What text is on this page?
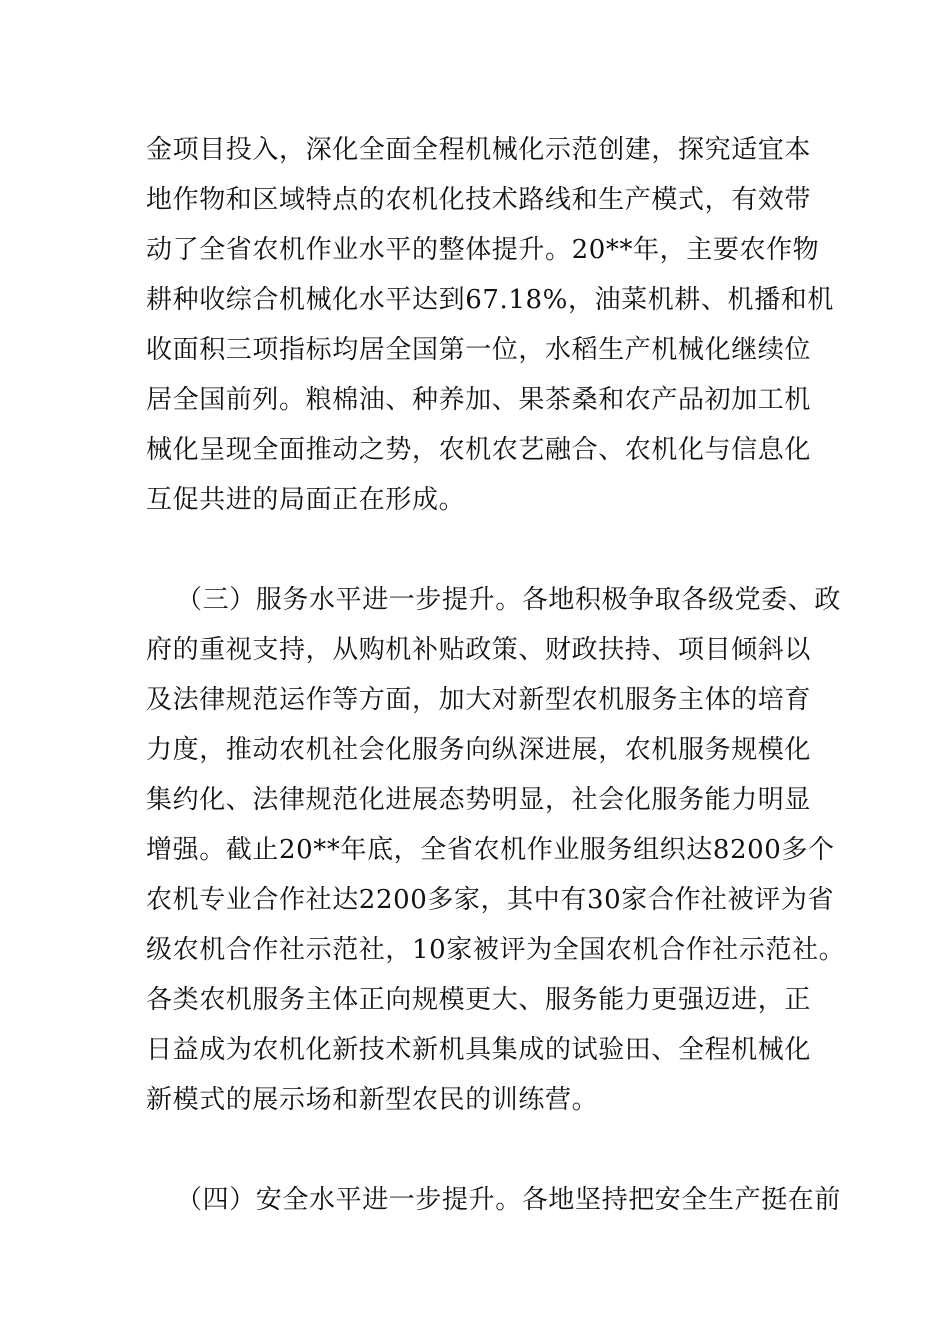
金项目投入，深化全面全程机械化示范创建，探究适宜本
地作物和区域特点的农机化技术路线和生产模式，有效带
动了全省农机作业水平的整体提升。20**年，主要农作物
耕种收综合机械化水平达到67.18%，油菜机耕、机播和机
收面积三项指标均居全国第一位，水稻生产机械化继续位
居全国前列。粮棉油、种养加、果茶桑和农产品初加工机
械化呈现全面推动之势，农机农艺融合、农机化与信息化
互促共进的局面正在形成。
（三）服务水平进一步提升。各地积极争取各级党委、政
府的重视支持，从购机补贴政策、财政扶持、项目倾斜以
及法律规范运作等方面，加大对新型农机服务主体的培育
力度，推动农机社会化服务向纵深进展，农机服务规模化
集约化、法律规范化进展态势明显，社会化服务能力明显
增强。截止20**年底，全省农机作业服务组织达8200多个
农机专业合作社达2200多家，其中有30家合作社被评为省
级农机合作社示范社，10家被评为全国农机合作社示范社。
各类农机服务主体正向规模更大、服务能力更强迈进，正
日益成为农机化新技术新机具集成的试验田、全程机械化
新模式的展示场和新型农民的训练营。
（四）安全水平进一步提升。各地坚持把安全生产挺在前
